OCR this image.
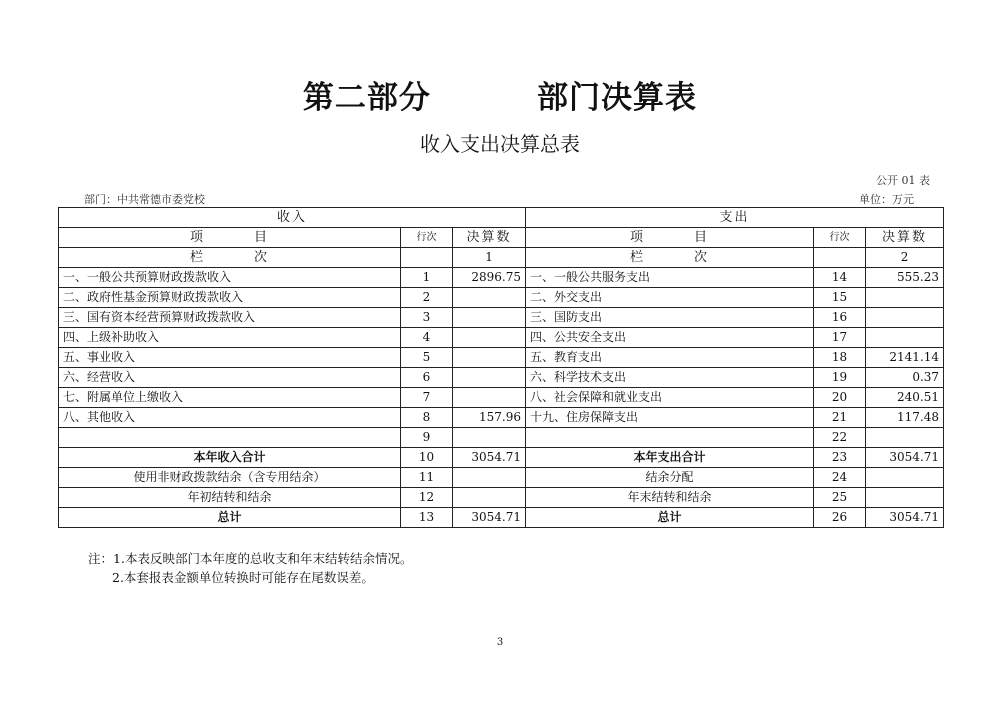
第二部分         部门决算表
收入支出决算总表
公开 01 表
部门：中共常德市委党校	单位：万元
收入			支出		
项        目	行次	决算数	项        目	行次	决算数
栏        次		1	栏        次		2
一、一般公共预算财政拨款收入	1	2896.75	一、一般公共服务支出	14	555.23
二、政府性基金预算财政拨款收入	2		二、外交支出	15	
三、国有资本经营预算财政拨款收入	3		三、国防支出	16	
四、上级补助收入	4		四、公共安全支出	17	
五、事业收入	5		五、教育支出	18	2141.14
六、经营收入	6		六、科学技术支出	19	0.37
七、附属单位上缴收入	7		八、社会保障和就业支出	20	240.51
八、其他收入	8	157.96	十九、住房保障支出	21	117.48
	9			22	
本年收入合计	10	3054.71	本年支出合计	23	3054.71
使用非财政拨款结余（含专用结余）	11		结余分配	24	
年初结转和结余	12		年末结转和结余	25	
总计	13	3054.71	总计	26	3054.71
注：1.本表反映部门本年度的总收支和年末结转结余情况。
2.本套报表金额单位转换时可能存在尾数误差。
3
